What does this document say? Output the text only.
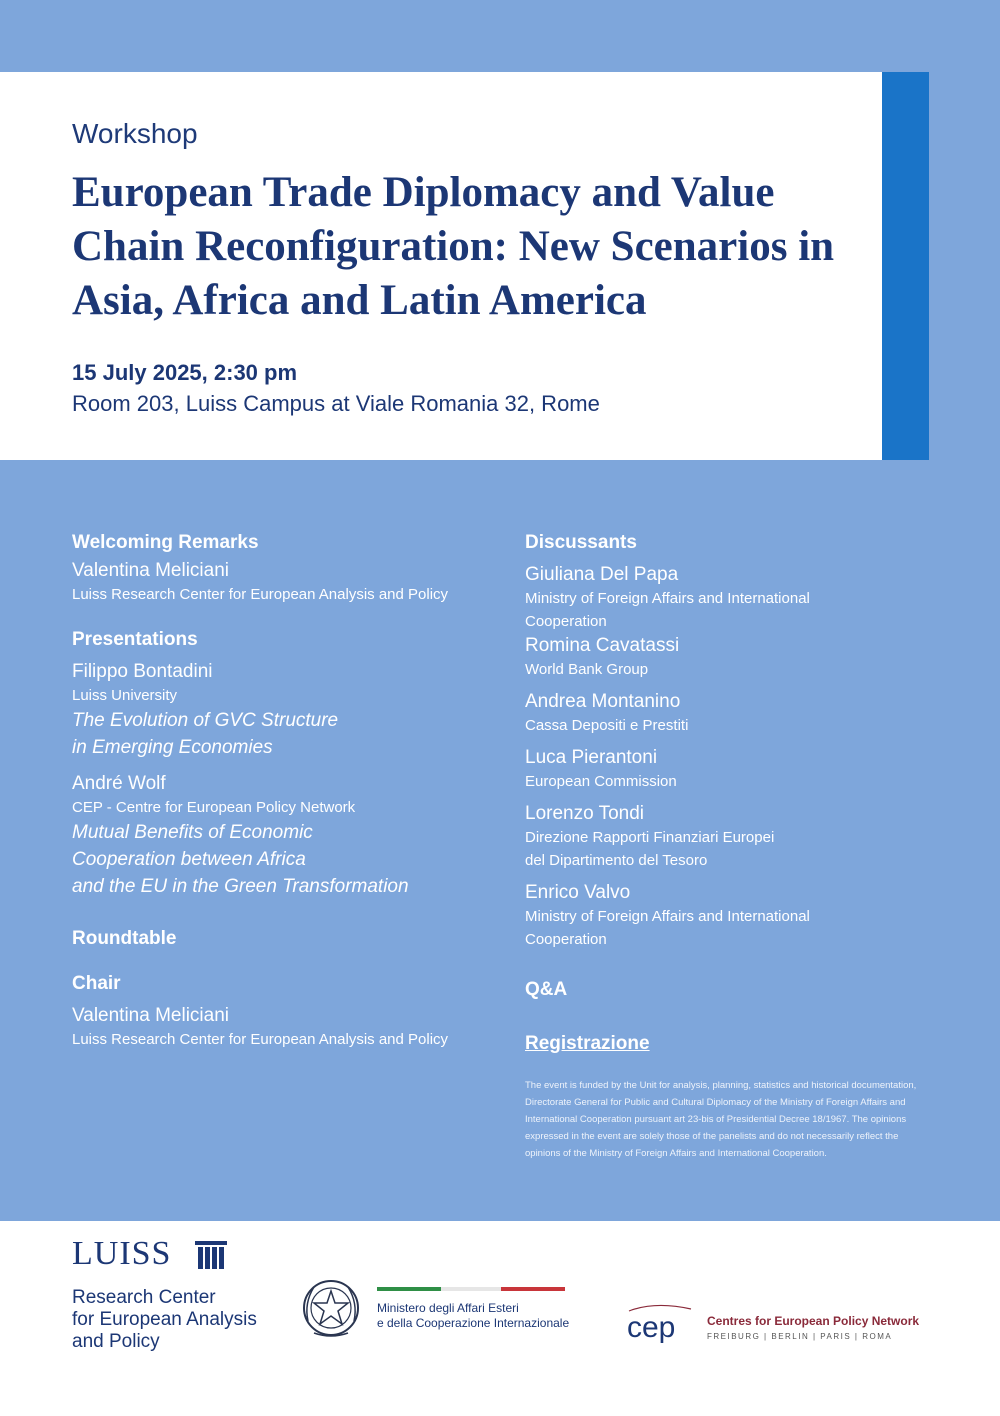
Workshop
European Trade Diplomacy and Value Chain Reconfiguration: New Scenarios in Asia, Africa and Latin America
15 July 2025, 2:30 pm
Room 203, Luiss Campus at Viale Romania 32, Rome
Welcoming Remarks
Valentina Meliciani
Luiss Research Center for European Analysis and Policy
Presentations
Filippo Bontadini
Luiss University
The Evolution of GVC Structure
in Emerging Economies
André Wolf
CEP - Centre for European Policy Network
Mutual Benefits of Economic
Cooperation between Africa
and the EU in the Green Transformation
Roundtable
Chair
Valentina Meliciani
Luiss Research Center for European Analysis and Policy
Discussants
Giuliana Del Papa
Ministry of Foreign Affairs and International
Cooperation
Romina Cavatassi
World Bank Group
Andrea Montanino
Cassa Depositi e Prestiti
Luca Pierantoni
European Commission
Lorenzo Tondi
Direzione Rapporti Finanziari Europei
del Dipartimento del Tesoro
Enrico Valvo
Ministry of Foreign Affairs and International
Cooperation
Q&A
Registrazione
The event is funded by the Unit for analysis, planning, statistics and historical documentation, Directorate General for Public and Cultural Diplomacy of the Ministry of Foreign Affairs and International Cooperation pursuant art 23-bis of Presidential Decree 18/1967. The opinions expressed in the event are solely those of the panelists and do not necessarily reflect the opinions of the Ministry of Foreign Affairs and International Cooperation.
LUISS
Research Center
for European Analysis
and Policy
Ministero degli Affari Esteri
e della Cooperazione Internazionale cep	Centres for European Policy Network
FREIBURG | BERLIN | PARIS | ROMA
